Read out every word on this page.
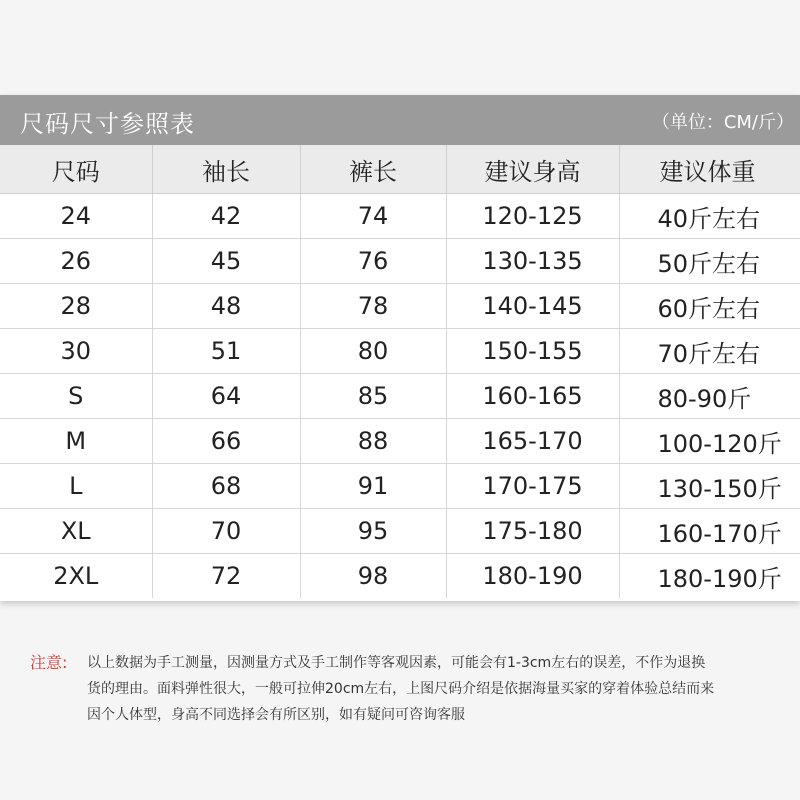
尺码尺寸参照表	（单位：CM/斤）
尺码	袖长	裤长	建议身高	建议体重
24	42	74	120-125	40斤左右
26	45	76	130-135	50斤左右
28	48	78	140-145	60斤左右
30	51	80	150-155	70斤左右
S	64	85	160-165	80-90斤
M	66	88	165-170	100-120斤
L	68	91	170-175	130-150斤
XL	70	95	175-180	160-170斤
2XL	72	98	180-190	180-190斤
注意: 以上数据为手工测量，因测量方式及手工制作等客观因素，可能会有1-3cm左右的误差，不作为退换
货的理由。面料弹性很大，一般可拉伸20cm左右，上图尺码介绍是依据海量买家的穿着体验总结而来
因个人体型，身高不同选择会有所区别，如有疑问可咨询客服
